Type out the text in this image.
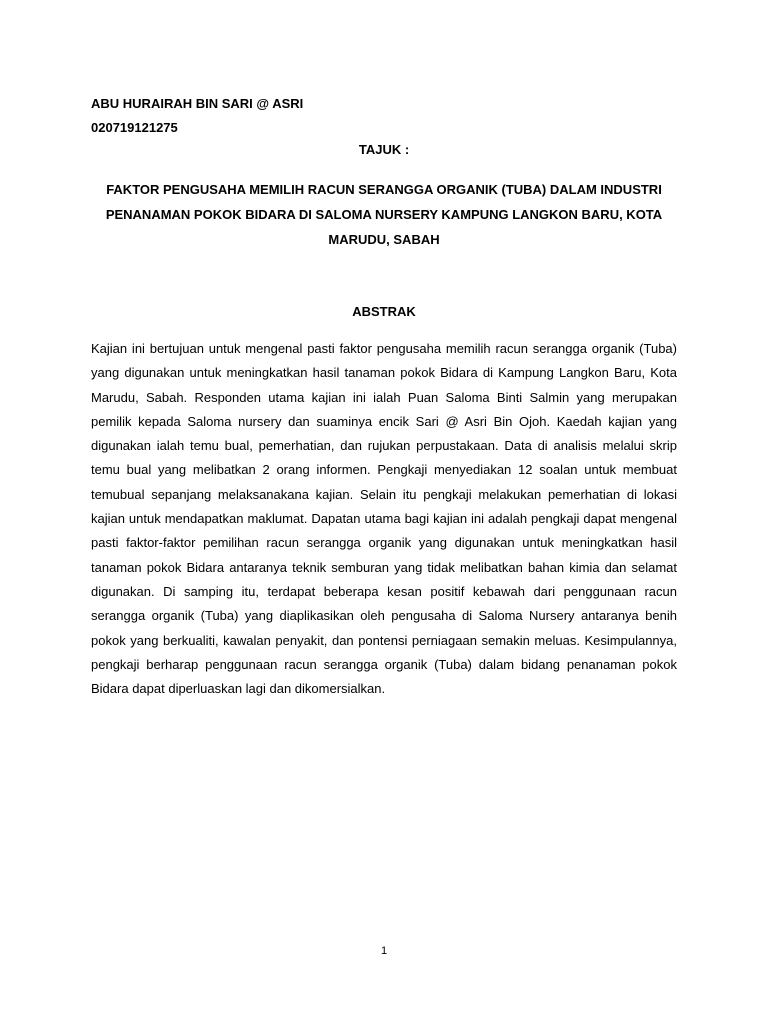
ABU HURAIRAH BIN SARI @ ASRI
020719121275
TAJUK :
FAKTOR PENGUSAHA MEMILIH RACUN SERANGGA ORGANIK (TUBA) DALAM INDUSTRI PENANAMAN POKOK BIDARA DI SALOMA NURSERY KAMPUNG LANGKON BARU, KOTA MARUDU, SABAH
ABSTRAK

Kajian ini bertujuan untuk mengenal pasti faktor pengusaha memilih racun serangga organik (Tuba) yang digunakan untuk meningkatkan hasil tanaman pokok Bidara di Kampung Langkon Baru, Kota Marudu, Sabah. Responden utama kajian ini ialah Puan Saloma Binti Salmin yang merupakan pemilik kepada Saloma nursery dan suaminya encik Sari @ Asri Bin Ojoh. Kaedah kajian yang digunakan ialah temu bual, pemerhatian, dan rujukan perpustakaan. Data di analisis melalui skrip temu bual yang melibatkan 2 orang informen. Pengkaji menyediakan 12 soalan untuk membuat temubual sepanjang melaksanakana kajian. Selain itu pengkaji melakukan pemerhatian di lokasi kajian untuk mendapatkan maklumat. Dapatan utama bagi kajian ini adalah pengkaji dapat mengenal pasti faktor-faktor pemilihan racun serangga organik yang digunakan untuk meningkatkan hasil tanaman pokok Bidara antaranya teknik semburan yang tidak melibatkan bahan kimia dan selamat digunakan. Di samping itu, terdapat beberapa kesan positif kebawah dari penggunaan racun serangga organik (Tuba) yang diaplikasikan oleh pengusaha di Saloma Nursery antaranya benih pokok yang berkualiti, kawalan penyakit, dan pontensi perniagaan semakin meluas. Kesimpulannya, pengkaji berharap penggunaan racun serangga organik (Tuba) dalam bidang penanaman pokok Bidara dapat diperluaskan lagi dan dikomersialkan.

1
